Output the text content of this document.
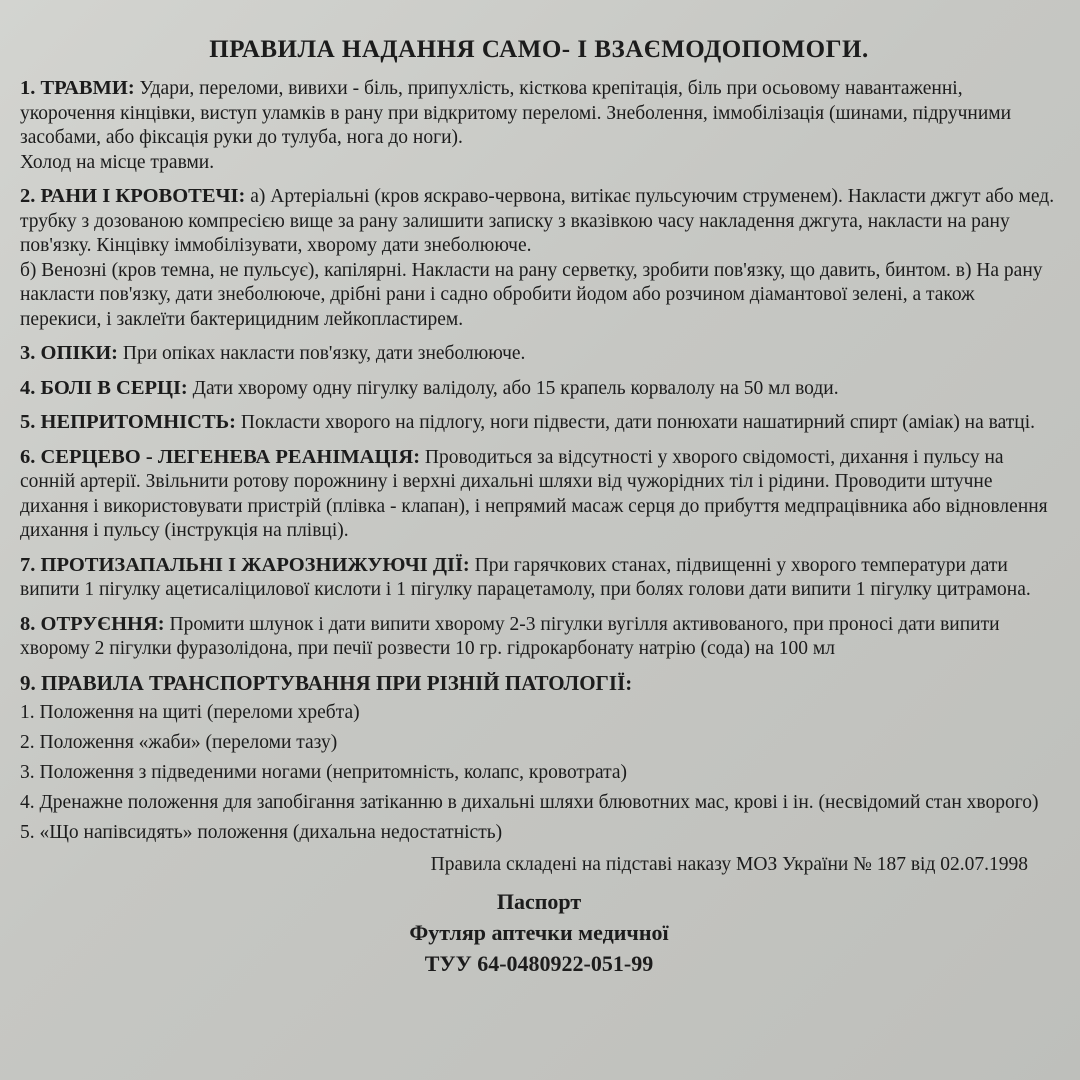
ПРАВИЛА НАДАННЯ САМО- І ВЗАЄМОДОПОМОГИ.

1. ТРАВМИ: Удари, переломи, вивихи - біль, припухлість, кісткова крепітація, біль при осьовому навантаженні, укорочення кінцівки, виступ уламків в рану при відкритому переломі. Знеболення, іммобілізація (шинами, підручними засобами, або фіксація руки до тулуба, нога до ноги).

Холод на місце травми.

2. РАНИ І КРОВОТЕЧІ: а) Артеріальні (кров яскраво-червона, витікає пульсуючим струменем). Накласти джгут або мед. трубку з дозованою компресією вище за рану залишити записку з вказівкою часу накладення джгута, накласти на рану пов'язку. Кінцівку іммобілізувати, хворому дати знеболююче.

б) Венозні (кров темна, не пульсує), капілярні. Накласти на рану серветку, зробити пов'язку, що давить, бинтом. в) На рану накласти пов'язку, дати знеболююче, дрібні рани і садно обробити йодом або розчином діамантової зелені, а також перекиси, і заклеїти бактерицидним лейкопластирем.

3. ОПІКИ: При опіках накласти пов'язку, дати знеболююче.

4. БОЛІ В СЕРЦІ: Дати хворому одну пігулку валідолу, або 15 крапель корвалолу на 50 мл води.

5. НЕПРИТОМНІСТЬ: Покласти хворого на підлогу, ноги підвести, дати понюхати нашатирний спирт (аміак) на ватці.

6. СЕРЦЕВО - ЛЕГЕНЕВА РЕАНІМАЦІЯ: Проводиться за відсутності у хворого свідомості, дихання і пульсу на сонній артерії. Звільнити ротову порожнину і верхні дихальні шляхи від чужорідних тіл і рідини. Проводити штучне дихання і використовувати пристрій (плівка - клапан), і непрямий масаж серця до прибуття медпрацівника або відновлення дихання і пульсу (інструкція на плівці).

7. ПРОТИЗАПАЛЬНІ І ЖАРОЗНИЖУЮЧІ ДІЇ: При гарячкових станах, підвищенні у хворого температури дати випити 1 пігулку ацетисаліцилової кислоти і 1 пігулку парацетамолу, при болях голови дати випити 1 пігулку цитрамона.

8. ОТРУЄННЯ: Промити шлунок і дати випити хворому 2-3 пігулки вугілля активованого, при проносі дати випити хворому 2 пігулки фуразолідона, при печії розвести 10 гр. гідрокарбонату натрію (сода) на 100 мл

9. ПРАВИЛА ТРАНСПОРТУВАННЯ ПРИ РІЗНІЙ ПАТОЛОГІЇ:
1. Положення на щиті (переломи хребта)
2. Положення «жаби» (переломи тазу)
3. Положення з підведеними ногами (непритомність, колапс, кровотрата)
4. Дренажне положення для запобігання затіканню в дихальні шляхи блювотних мас, крові і ін. (несвідомий стан хворого)
5. «Що напівсидять» положення (дихальна недостатність)
Правила складені на підставі наказу МОЗ України № 187 від 02.07.1998
Паспорт
Футляр аптечки медичної
ТУУ 64-0480922-051-99
